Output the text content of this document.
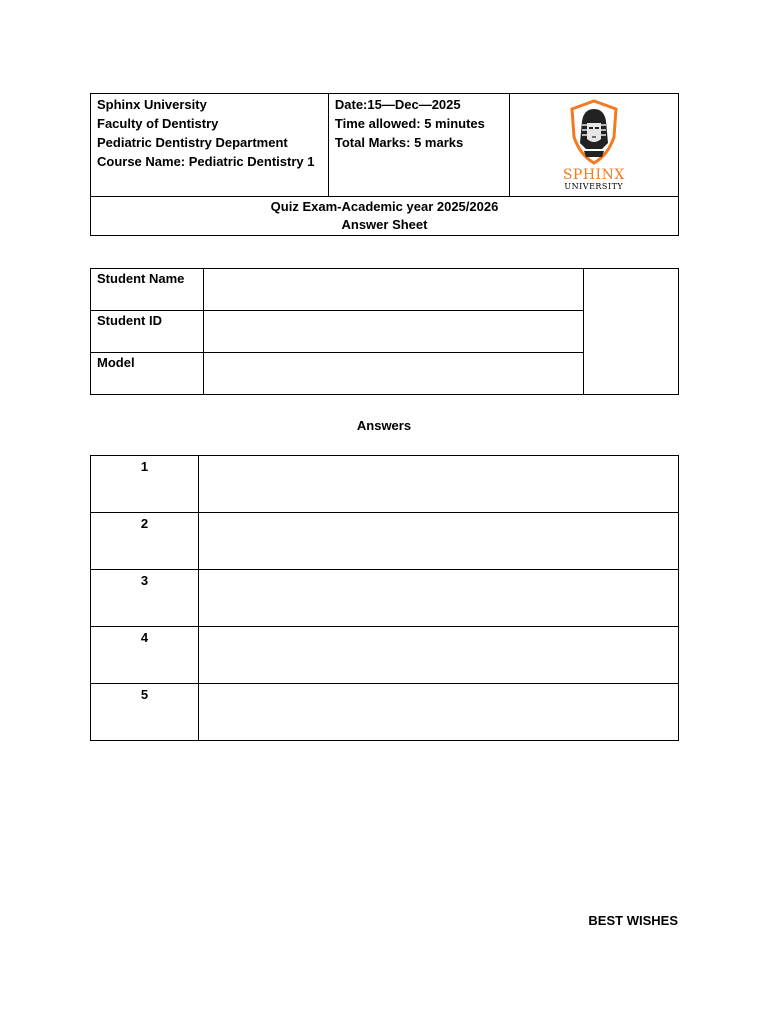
Sphinx University
Faculty of Dentistry
Pediatric Dentistry Department
Course Name: Pediatric Dentistry 1

Date:15—Dec—2025
Time allowed: 5 minutes
Total Marks: 5 marks

SPHINX
UNIVERSITY

Quiz Exam-Academic year 2025/2026
Answer Sheet
Student Name		
Student ID		
Model		
Answers
1	
2	
3	
4	
5	
BEST WISHES
